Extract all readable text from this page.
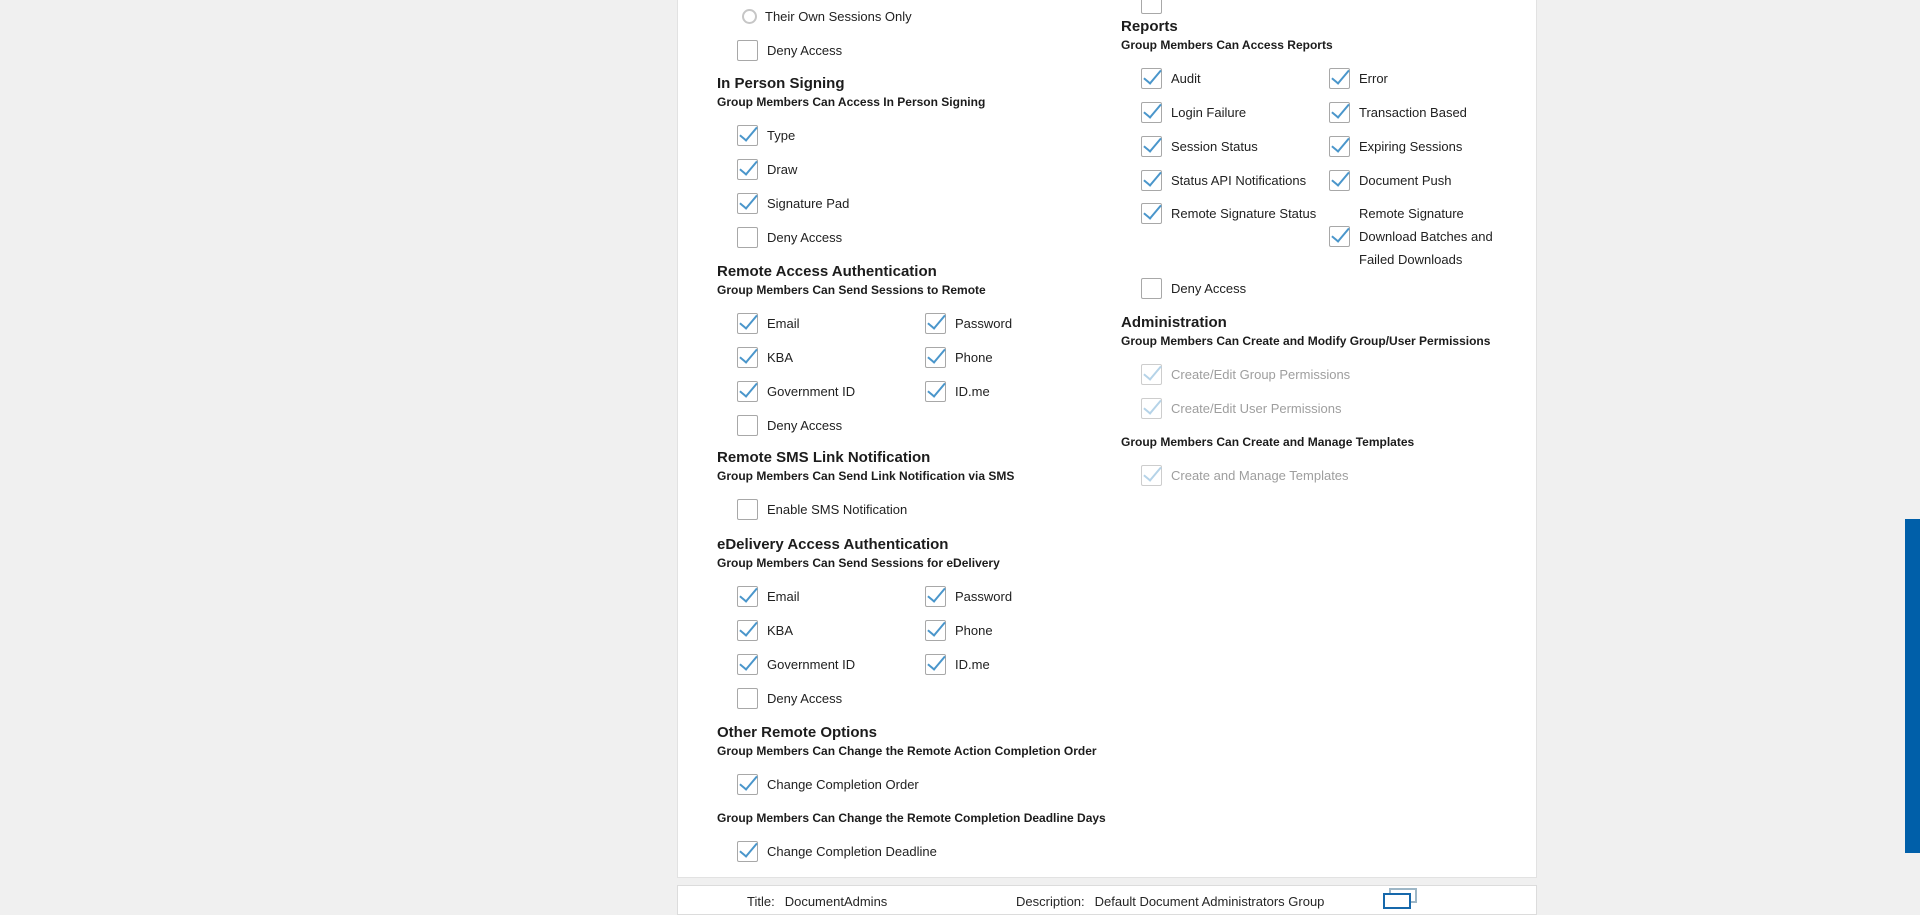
Their Own Sessions Only
Deny Access
In Person Signing
Group Members Can Access In Person Signing
Type
Draw
Signature Pad
Deny Access
Remote Access Authentication
Group Members Can Send Sessions to Remote
Email	Password
KBA	Phone
Government ID	ID.me
Deny Access
Remote SMS Link Notification
Group Members Can Send Link Notification via SMS
Enable SMS Notification
eDelivery Access Authentication
Group Members Can Send Sessions for eDelivery
Email	Password
KBA	Phone
Government ID	ID.me
Deny Access
Other Remote Options
Group Members Can Change the Remote Action Completion Order
Change Completion Order
Group Members Can Change the Remote Completion Deadline Days
Change Completion Deadline
Reports
Group Members Can Access Reports
Audit	Error
Login Failure	Transaction Based
Session Status	Expiring Sessions
Status API Notifications	Document Push
Remote Signature Status	Remote Signature
Download Batches and
Failed Downloads
Deny Access
Administration
Group Members Can Create and Modify Group/User Permissions
Create/Edit Group Permissions
Create/Edit User Permissions
Group Members Can Create and Manage Templates
Create and Manage Templates
Title: DocumentAdmins	Description: Default Document Administrators Group
